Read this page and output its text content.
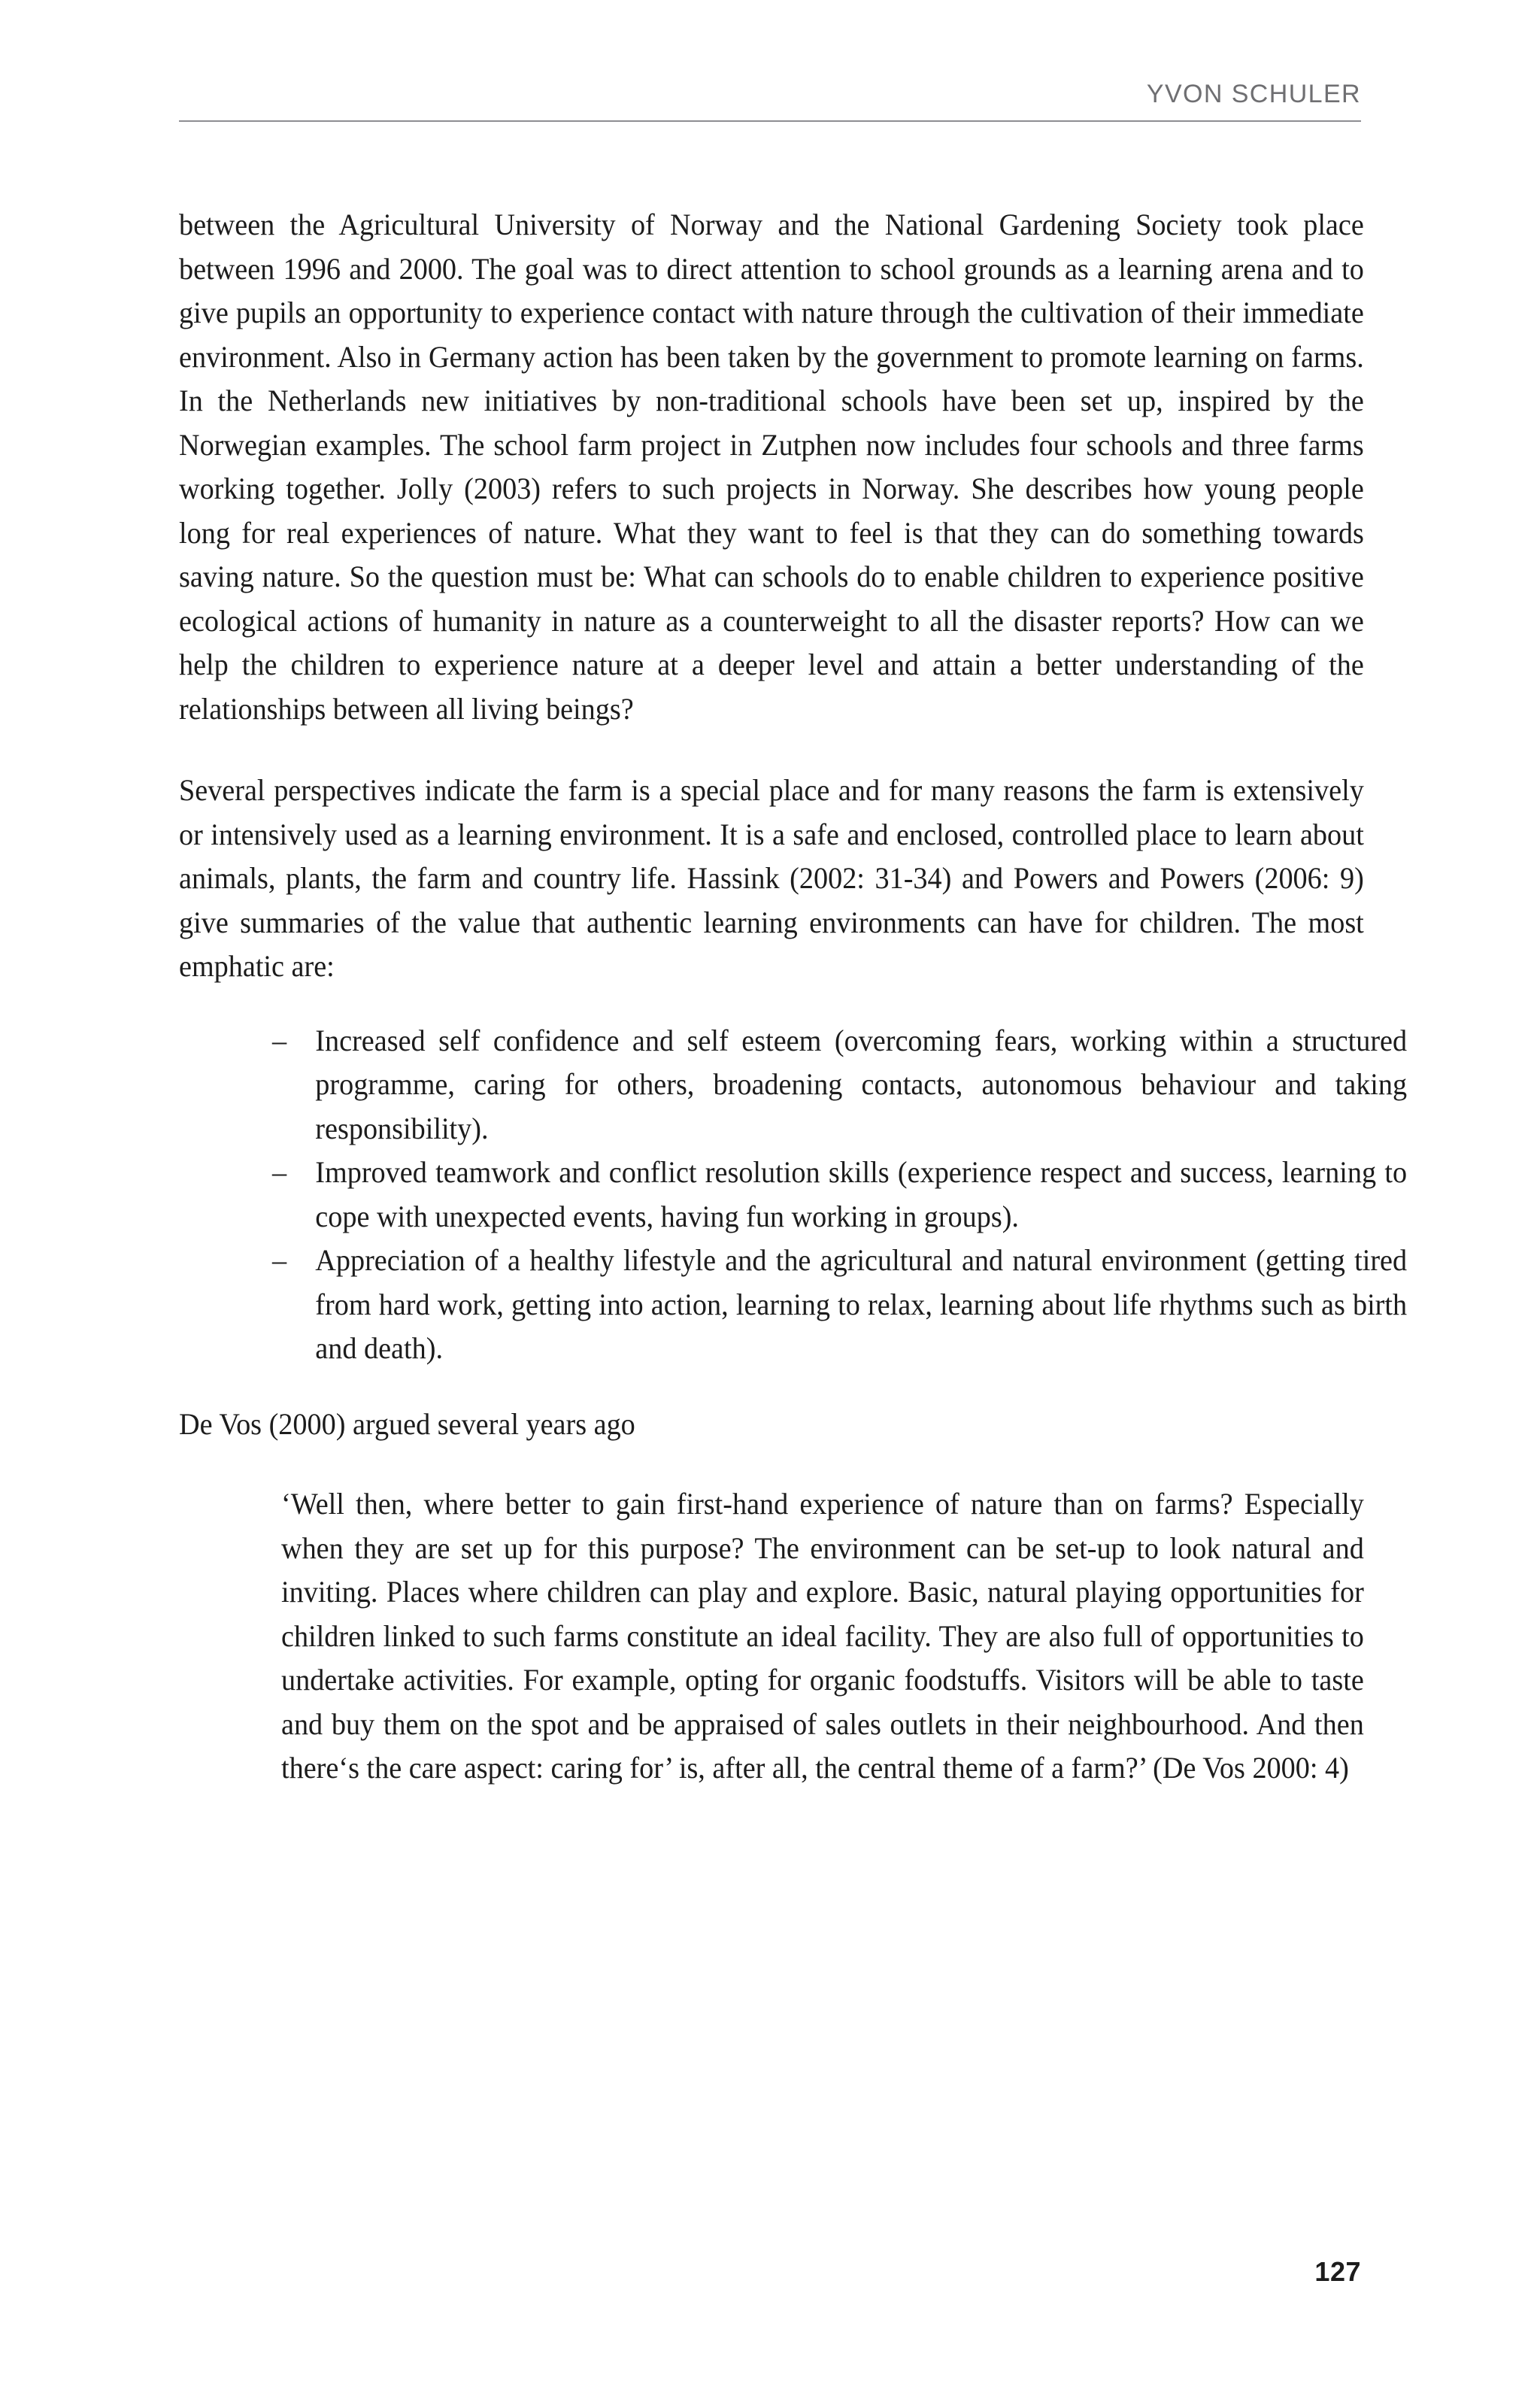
YVON SCHULER

between the Agricultural University of Norway and the National Gardening Society took place between 1996 and 2000. The goal was to direct attention to school grounds as a learning arena and to give pupils an opportunity to experience contact with nature through the cultivation of their immediate environment. Also in Germany action has been taken by the government to promote learning on farms. In the Netherlands new initiatives by non-traditional schools have been set up, inspired by the Norwegian examples. The school farm project in Zutphen now includes four schools and three farms working together. Jolly (2003) refers to such projects in Norway. She describes how young people long for real experiences of nature. What they want to feel is that they can do something towards saving nature. So the question must be: What can schools do to enable children to experience positive ecological actions of humanity in nature as a counterweight to all the disaster reports? How can we help the children to experience nature at a deeper level and attain a better understanding of the relationships between all living beings?

Several perspectives indicate the farm is a special place and for many reasons the farm is extensively or intensively used as a learning environment. It is a safe and enclosed, controlled place to learn about animals, plants, the farm and country life. Hassink (2002: 31-34) and Powers and Powers (2006: 9) give summaries of the value that authentic learning environments can have for children. The most emphatic are:

– Increased self confidence and self esteem (overcoming fears, working within a structured programme, caring for others, broadening contacts, autonomous behaviour and taking responsibility).
– Improved teamwork and conflict resolution skills (experience respect and success, learning to cope with unexpected events, having fun working in groups).
– Appreciation of a healthy lifestyle and the agricultural and natural environment (getting tired from hard work, getting into action, learning to relax, learning about life rhythms such as birth and death).

De Vos (2000) argued several years ago

‘Well then, where better to gain first-hand experience of nature than on farms? Especially when they are set up for this purpose? The environment can be set-up to look natural and inviting. Places where children can play and explore. Basic, natural playing opportunities for children linked to such farms constitute an ideal facility. They are also full of opportunities to undertake activities. For example, opting for organic foodstuffs. Visitors will be able to taste and buy them on the spot and be appraised of sales outlets in their neighbourhood. And then there‘s the care aspect: caring for’ is, after all, the central theme of a farm?’ (De Vos 2000: 4)

127
